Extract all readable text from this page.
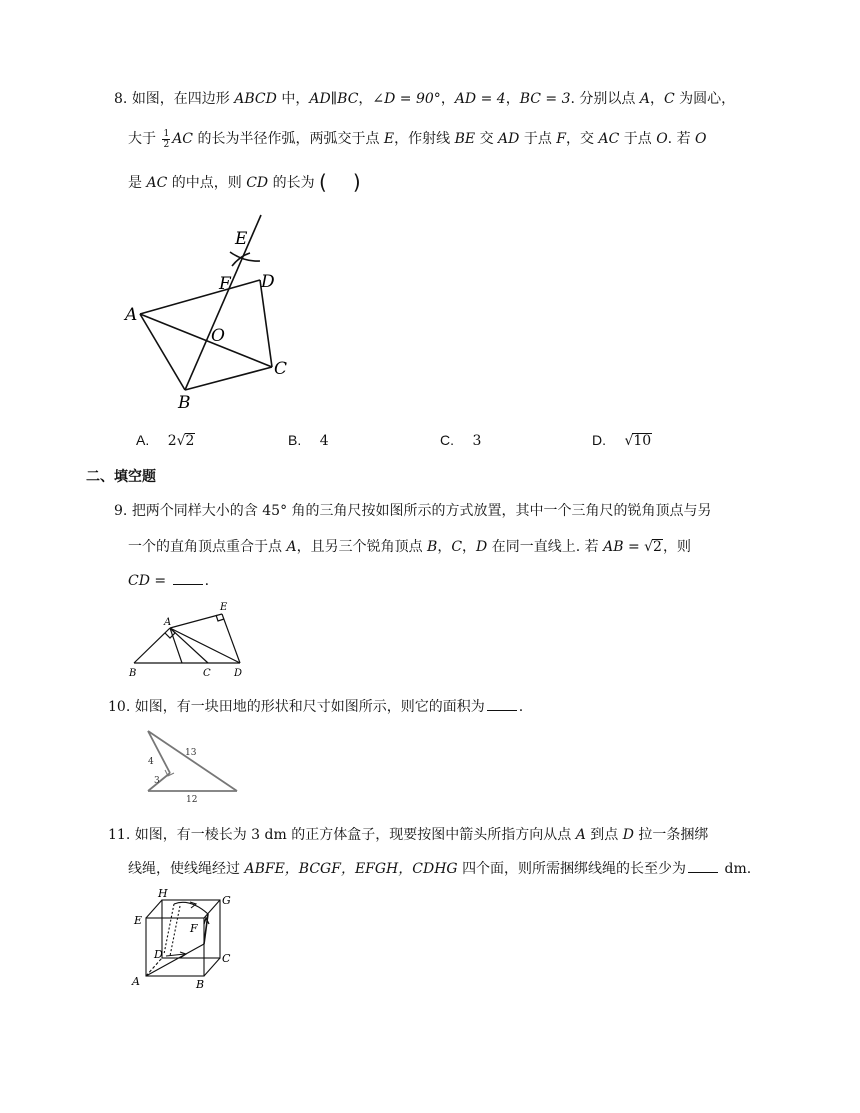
8. 如图，在四边形 ABCD 中，AD∥BC，∠D = 90°，AD = 4，BC = 3. 分别以点 A，C 为圆心，
大于 $\frac{1}{2}$ AC 的长为半径作弧，两弧交于点 E，作射线 BE 交 AD 于点 F，交 AC 于点 O. 若 O
是 AC 的中点，则 CD 的长为 ( )
E
F D
A
O
C
B
A. 2√2	B. 4	C. 3	D. √10
二、填空题
9. 把两个同样大小的含 45° 角的三角尺按如图所示的方式放置，其中一个三角尺的锐角顶点与另
一个的直角顶点重合于点 A，且另三个锐角顶点 B，C，D 在同一直线上. 若 AB = √2，则
CD = .
A
E
B	C D
10. 如图，有一块田地的形状和尺寸如图所示，则它的面积为 .
13
4
3
12
11. 如图，有一棱长为 3 dm 的正方体盒子，现要按图中箭头所指方向从点 A 到点 D 拉一条捆绑
线绳，使线绳经过 ABFE，BCGF，EFGH，CDHG 四个面，则所需捆绑线绳的长至少为	dm.
H
G
E
F
D	C
A	B
